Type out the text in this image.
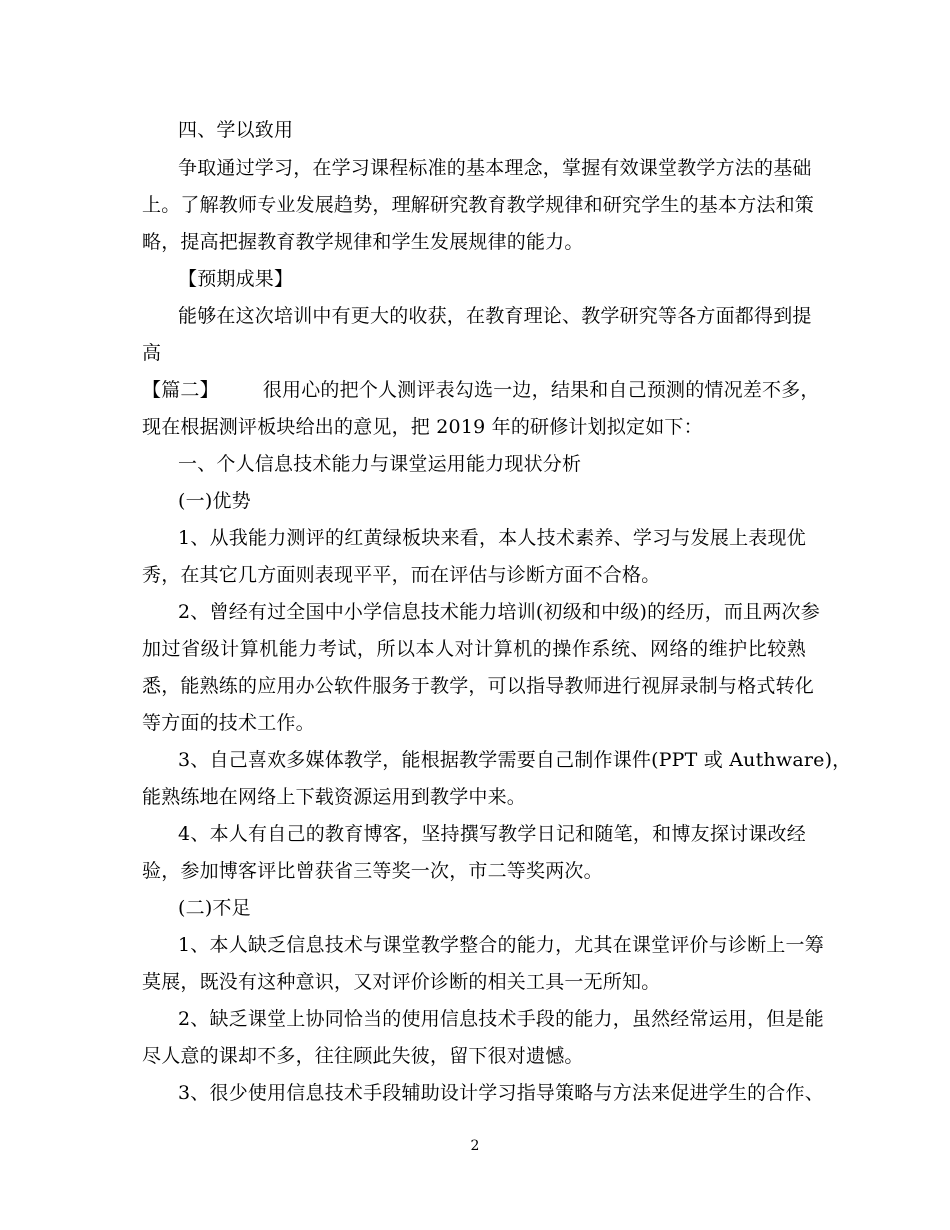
四、学以致用
争取通过学习，在学习课程标准的基本理念，掌握有效课堂教学方法的基础
上。了解教师专业发展趋势，理解研究教育教学规律和研究学生的基本方法和策
略，提高把握教育教学规律和学生发展规律的能力。
【预期成果】
能够在这次培训中有更大的收获，在教育理论、教学研究等各方面都得到提
高
【篇二】 很用心的把个人测评表勾选一边，结果和自己预测的情况差不多，
现在根据测评板块给出的意见，把 2019 年的研修计划拟定如下：
一、个人信息技术能力与课堂运用能力现状分析
(一)优势
1、从我能力测评的红黄绿板块来看，本人技术素养、学习与发展上表现优
秀，在其它几方面则表现平平，而在评估与诊断方面不合格。
2、曾经有过全国中小学信息技术能力培训(初级和中级)的经历，而且两次参
加过省级计算机能力考试，所以本人对计算机的操作系统、网络的维护比较熟
悉，能熟练的应用办公软件服务于教学，可以指导教师进行视屏录制与格式转化
等方面的技术工作。
3、自己喜欢多媒体教学，能根据教学需要自己制作课件(PPT 或 Authware)，
能熟练地在网络上下载资源运用到教学中来。
4、本人有自己的教育博客，坚持撰写教学日记和随笔，和博友探讨课改经
验，参加博客评比曾获省三等奖一次，市二等奖两次。
(二)不足
1、本人缺乏信息技术与课堂教学整合的能力，尤其在课堂评价与诊断上一筹
莫展，既没有这种意识，又对评价诊断的相关工具一无所知。
2、缺乏课堂上协同恰当的使用信息技术手段的能力，虽然经常运用，但是能
尽人意的课却不多，往往顾此失彼，留下很对遗憾。
3、很少使用信息技术手段辅助设计学习指导策略与方法来促进学生的合作、
2
